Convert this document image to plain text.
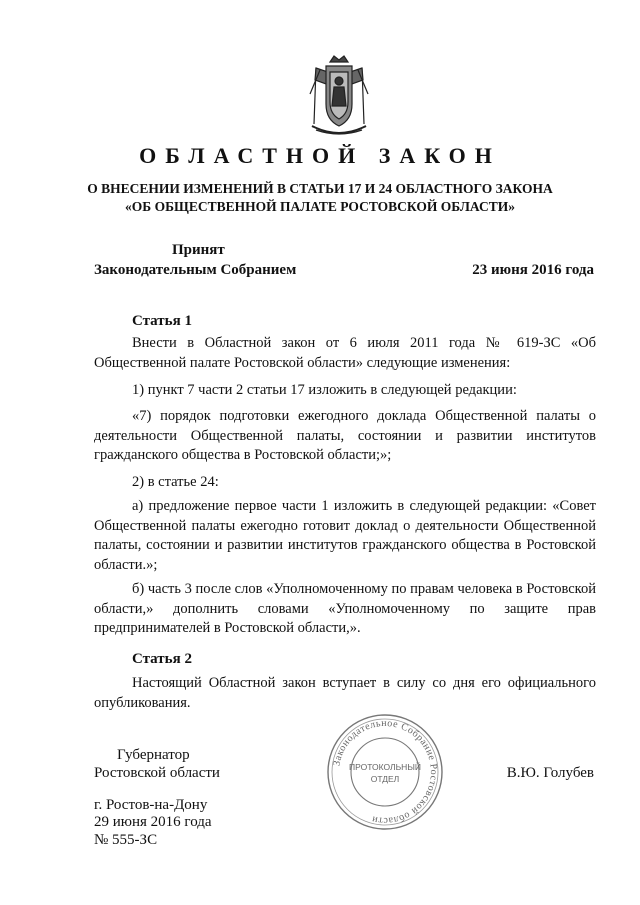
ОБЛАСТНОЙ ЗАКОН
О ВНЕСЕНИИ ИЗМЕНЕНИЙ В СТАТЬИ 17 И 24 ОБЛАСТНОГО ЗАКОНА
«ОБ ОБЩЕСТВЕННОЙ ПАЛАТЕ РОСТОВСКОЙ ОБЛАСТИ»
Принят
Законодательным Собранием	23 июня 2016 года
Статья 1
Внести в Областной закон от 6 июля 2011 года № 619-ЗС «Об Общественной палате Ростовской области» следующие изменения:
1) пункт 7 части 2 статьи 17 изложить в следующей редакции:
«7) порядок подготовки ежегодного доклада Общественной палаты о деятельности Общественной палаты, состоянии и развитии институтов гражданского общества в Ростовской области;»;
2) в статье 24:
а) предложение первое части 1 изложить в следующей редакции: «Совет Общественной палаты ежегодно готовит доклад о деятельности Общественной палаты, состоянии и развитии институтов гражданского общества в Ростовской области.»;
б) часть 3 после слов «Уполномоченному по правам человека в Ростовской области,» дополнить словами «Уполномоченному по защите прав предпринимателей в Ростовской области,».
Статья 2
Настоящий Областной закон вступает в силу со дня его официального опубликования.
Губернатор
Ростовской области	В.Ю. Голубев
г. Ростов-на-Дону
29 июня 2016 года
№ 555-ЗС
Законодательное Собрание Ростовской области
ПРОТОКОЛЬНЫЙ
ОТДЕЛ
